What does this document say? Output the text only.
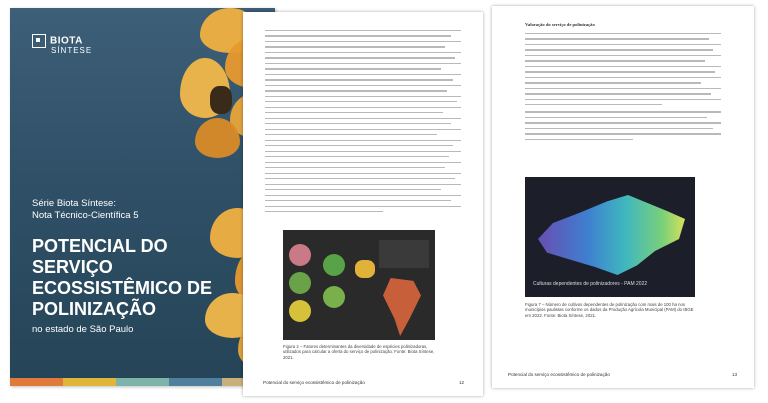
BIOTA
SÍNTESE
Série Biota Síntese:
Nota Técnico-Científica 5
POTENCIAL DO SERVIÇO ECOSSISTÊMICO DE POLINIZAÇÃO
no estado de São Paulo
Figura 2 – Fatores determinantes da diversidade de espécies polinizadoras, utilizados para calcular a oferta do serviço de polinização. Fonte: Biota Síntese, 2021.
Potencial do serviço ecossistêmico de polinização	12
Valoração do serviço de polinização
Culturas dependentes de polinizadores - PAM 2022
Figura 7 – Número de cultivos dependentes de polinização com mais de 100 ha nos municípios paulistas conforme os dados da Produção Agrícola Municipal (PAM) do IBGE em 2022. Fonte: Biota Síntese, 2021.
Potencial do serviço ecossistêmico de polinização	13
